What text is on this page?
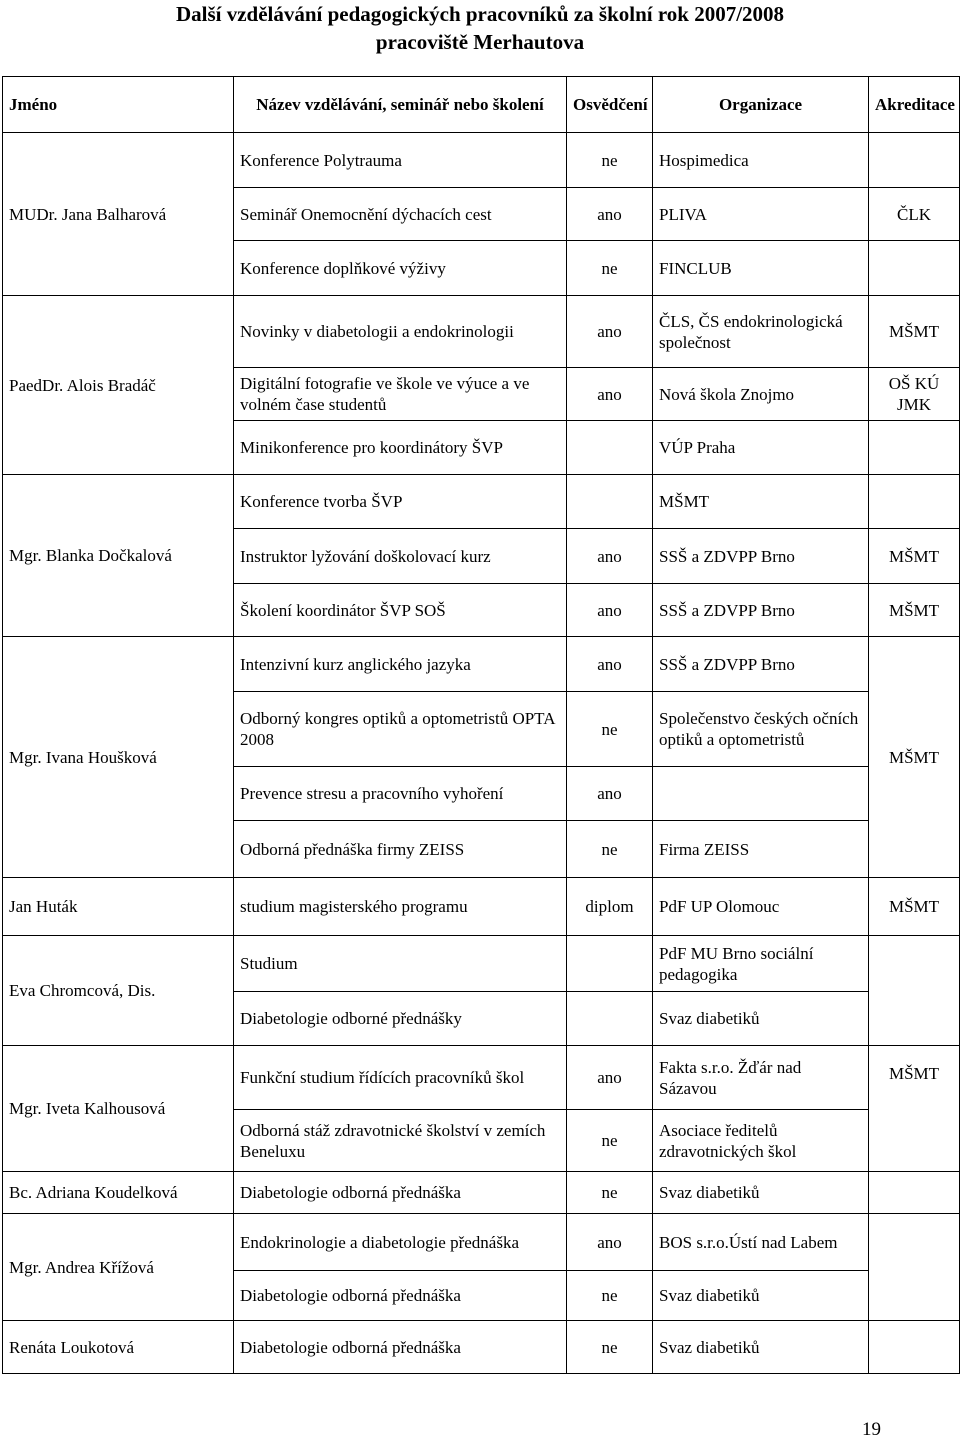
Další vzdělávání pedagogických pracovníků za školní rok 2007/2008
pracoviště Merhautova
Jméno	Název vzdělávání, seminář nebo školení	Osvědčení	Organizace	Akreditace
MUDr. Jana Balharová	Konference Polytrauma	ne	Hospimedica	
	Seminář Onemocnění dýchacích cest	ano	PLIVA	ČLK
	Konference doplňkové výživy	ne	FINCLUB	
PaedDr. Alois Bradáč	Novinky v diabetologii a endokrinologii	ano	ČLS, ČS endokrinologická společnost	MŠMT
	Digitální fotografie ve škole ve výuce a ve volném čase studentů	ano	Nová škola Znojmo	OŠ KÚ JMK
	Minikonference pro koordinátory ŠVP		VÚP Praha	
Mgr. Blanka Dočkalová	Konference tvorba ŠVP		MŠMT	
	Instruktor lyžování doškolovací kurz	ano	SSŠ a ZDVPP Brno	MŠMT
	Školení koordinátor ŠVP SOŠ	ano	SSŠ a ZDVPP Brno	MŠMT
Mgr. Ivana Houšková	Intenzivní kurz anglického jazyka	ano	SSŠ a ZDVPP Brno	MŠMT
	Odborný kongres optiků a optometristů OPTA 2008	ne	Společenstvo českých očních optiků a optometristů	
	Prevence stresu a pracovního vyhoření	ano		
	Odborná přednáška firmy ZEISS	ne	Firma ZEISS	
Jan Huták	studium magisterského programu	diplom	PdF UP Olomouc	MŠMT
Eva Chromcová, Dis.	Studium		PdF MU Brno sociální pedagogika	
	Diabetologie odborné přednášky		Svaz diabetiků	
Mgr. Iveta Kalhousová	Funkční studium řídících pracovníků škol	ano	Fakta s.r.o. Žďár nad Sázavou	MŠMT
	Odborná stáž zdravotnické školství v zemích Beneluxu	ne	Asociace ředitelů zdravotnických škol	
Bc. Adriana Koudelková	Diabetologie odborná přednáška	ne	Svaz diabetiků	
Mgr. Andrea Křížová	Endokrinologie a diabetologie přednáška	ano	BOS s.r.o.Ústí nad Labem	
	Diabetologie odborná přednáška	ne	Svaz diabetiků	
Renáta Loukotová	Diabetologie odborná přednáška	ne	Svaz diabetiků	
19
